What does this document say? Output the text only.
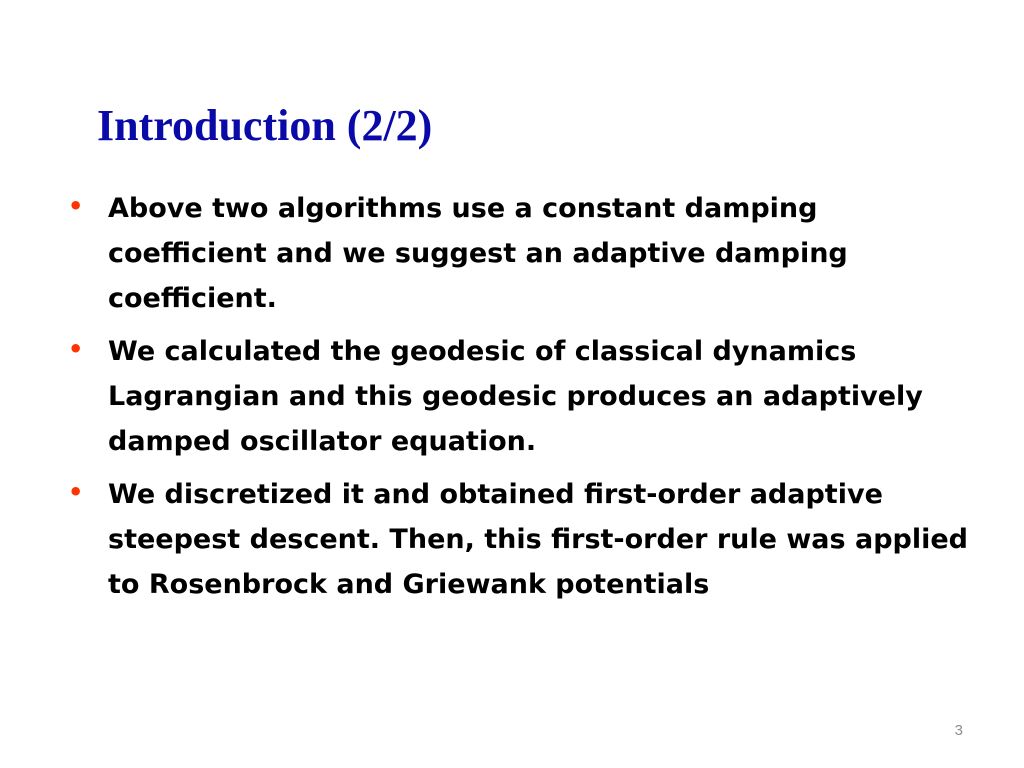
Introduction (2/2)
• Above two algorithms use a constant damping coefficient and we suggest an adaptive damping coefficient.
• We calculated the geodesic of classical dynamics Lagrangian and this geodesic produces an adaptively damped oscillator equation.
• We discretized it and obtained first-order adaptive steepest descent. Then, this first-order rule was applied to Rosenbrock and Griewank potentials
3
